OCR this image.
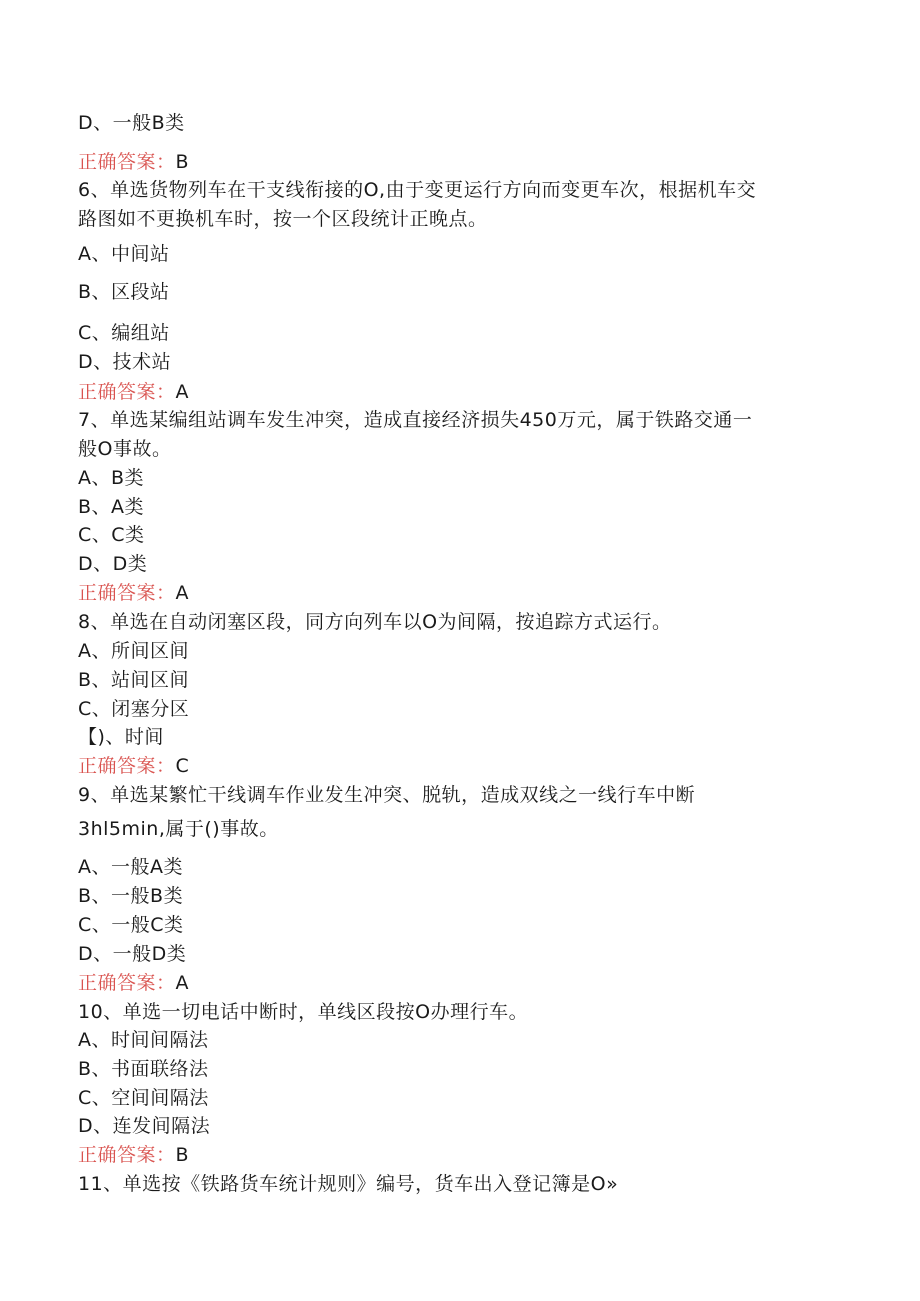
D、一般B类
正确答案：B
6、单选货物列车在干支线衔接的O,由于变更运行方向而变更车次，根据机车交
路图如不更换机车时，按一个区段统计正晚点。
A、中间站
B、区段站
C、编组站
D、技术站
正确答案：A
7、单选某编组站调车发生冲突，造成直接经济损失450万元，属于铁路交通一
般O事故。
A、B类
B、A类
C、C类
D、D类
正确答案：A
8、单选在自动闭塞区段，同方向列车以O为间隔，按追踪方式运行。
A、所间区间
B、站间区间
C、闭塞分区
【)、时间
正确答案：C
9、单选某繁忙干线调车作业发生冲突、脱轨，造成双线之一线行车中断
3hl5min,属于()事故。
A、一般A类
B、一般B类
C、一般C类
D、一般D类
正确答案：A
10、单选一切电话中断时，单线区段按O办理行车。
A、时间间隔法
B、书面联络法
C、空间间隔法
D、连发间隔法
正确答案：B
11、单选按《铁路货车统计规则》编号，货车出入登记簿是O»
